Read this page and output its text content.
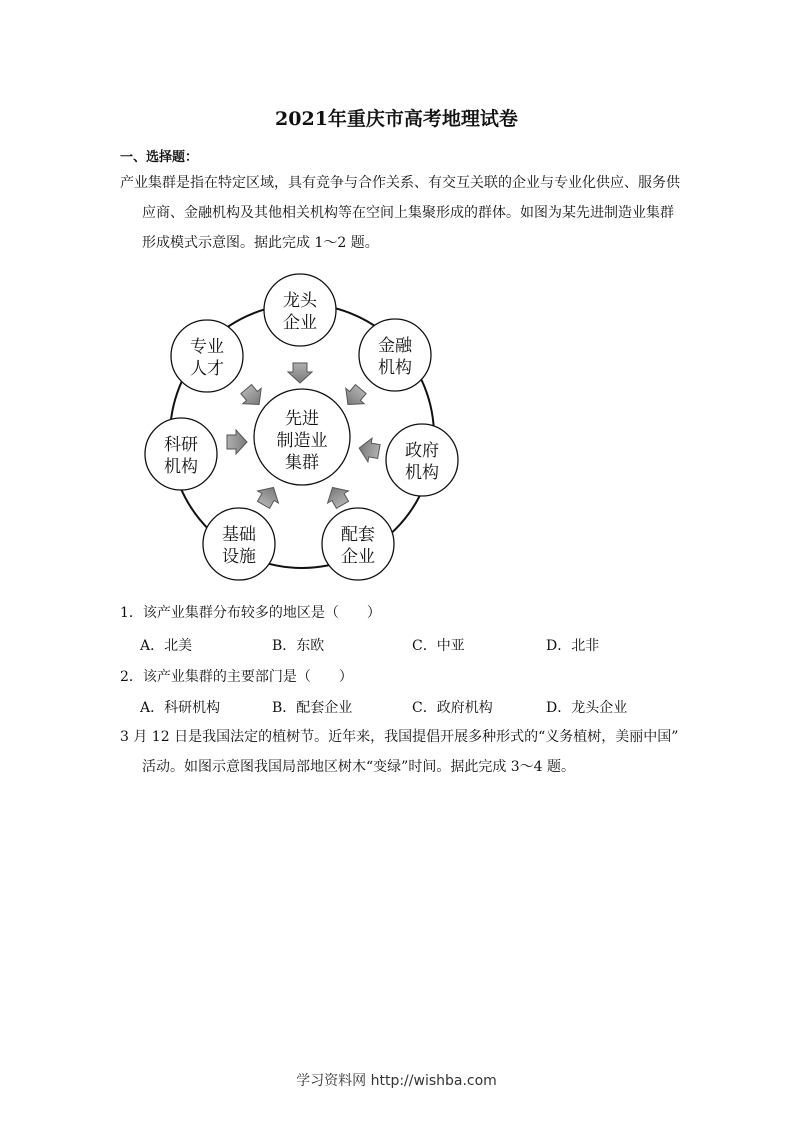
2021年重庆市高考地理试卷
一、选择题：
产业集群是指在特定区域，具有竞争与合作关系、有交互关联的企业与专业化供应、服务供
应商、金融机构及其他相关机构等在空间上集聚形成的群体。如图为某先进制造业集群
形成模式示意图。据此完成 1～2 题。
先进
制造业
集群
龙头
企业
金融
机构
政府
机构
配套
企业
基础
设施
科研
机构
专业
人才
1．该产业集群分布较多的地区是（　　）
A．北美	B．东欧	C．中亚	D．北非
2．该产业集群的主要部门是（　　）
A．科研机构	B．配套企业	C．政府机构	D．龙头企业
3 月 12 日是我国法定的植树节。近年来，我国提倡开展多种形式的“义务植树，美丽中国”
活动。如图示意图我国局部地区树木“变绿”时间。据此完成 3～4 题。
学习资料网 http://wishba.com
